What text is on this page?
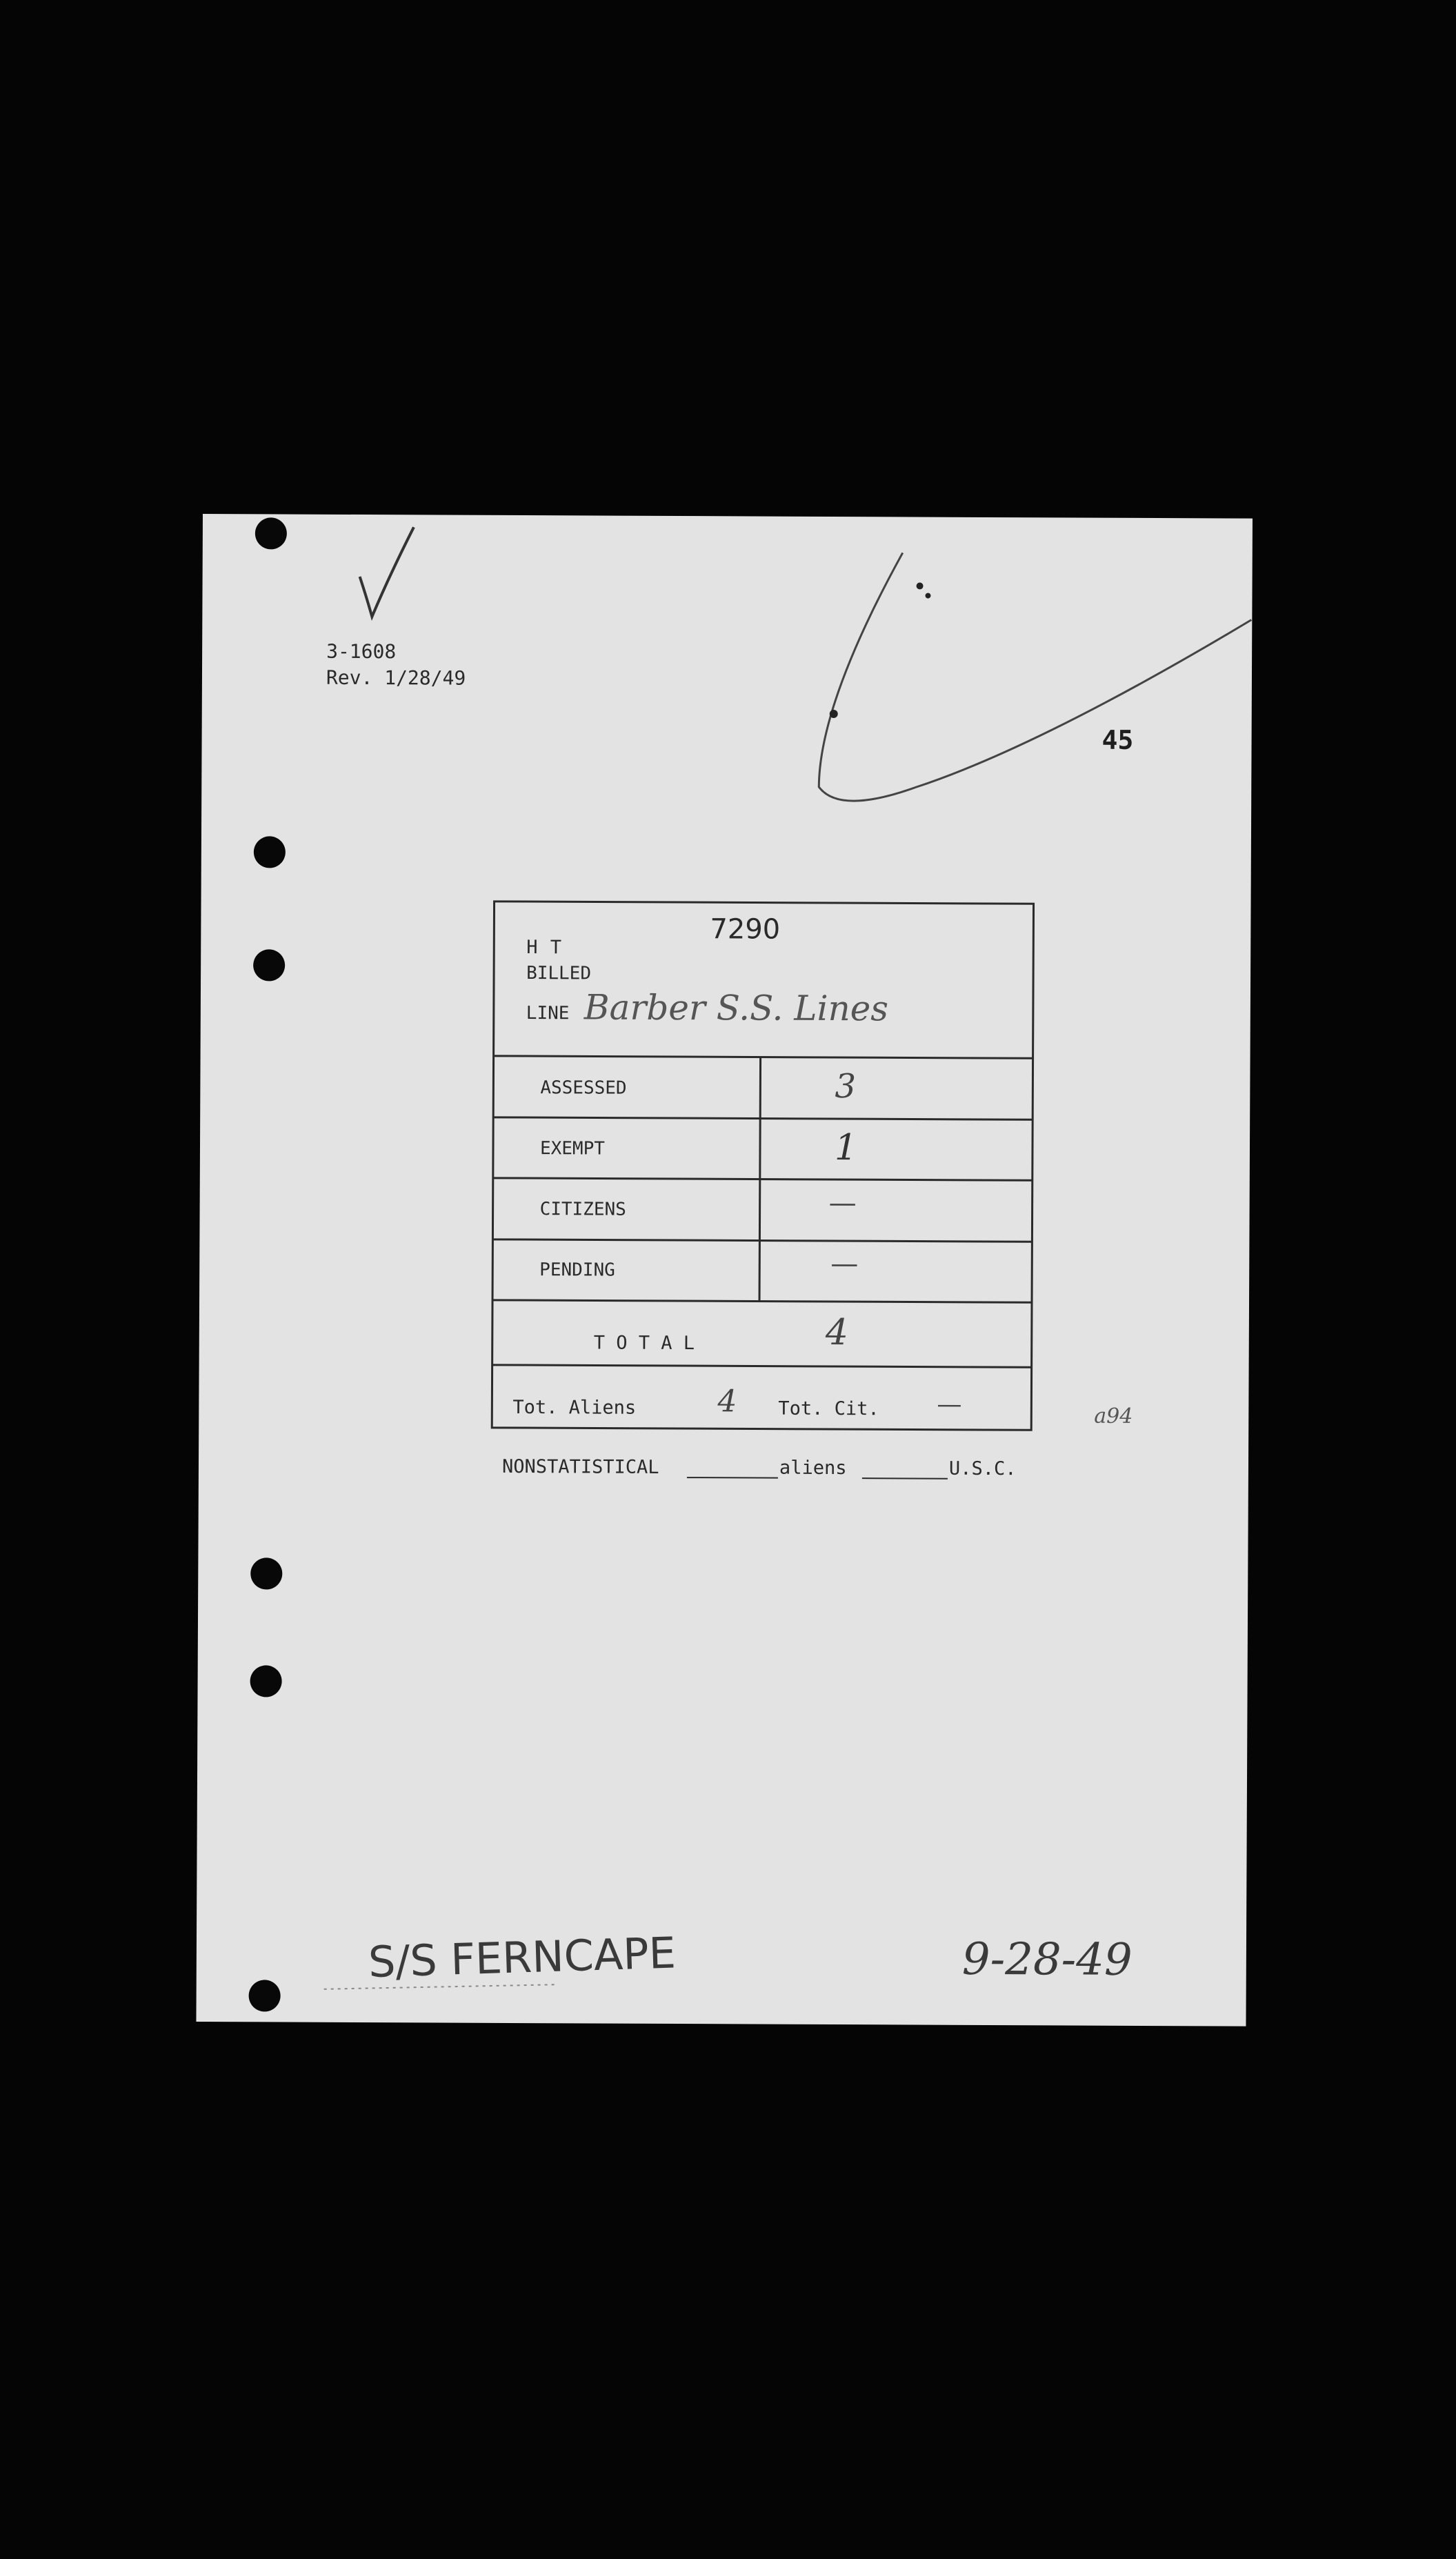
3-1608
Rev. 1/28/49
45
H T
7290
BILLED
LINE Barber S.S. Lines
ASSESSED	3
EXEMPT	1
CITIZENS	—
PENDING	—
T O T A L	4
Tot. Aliens	4 Tot. Cit. —	a94
NONSTATISTICAL	aliens	U.S.C.
S/S FERNCAPE	9-28-49
